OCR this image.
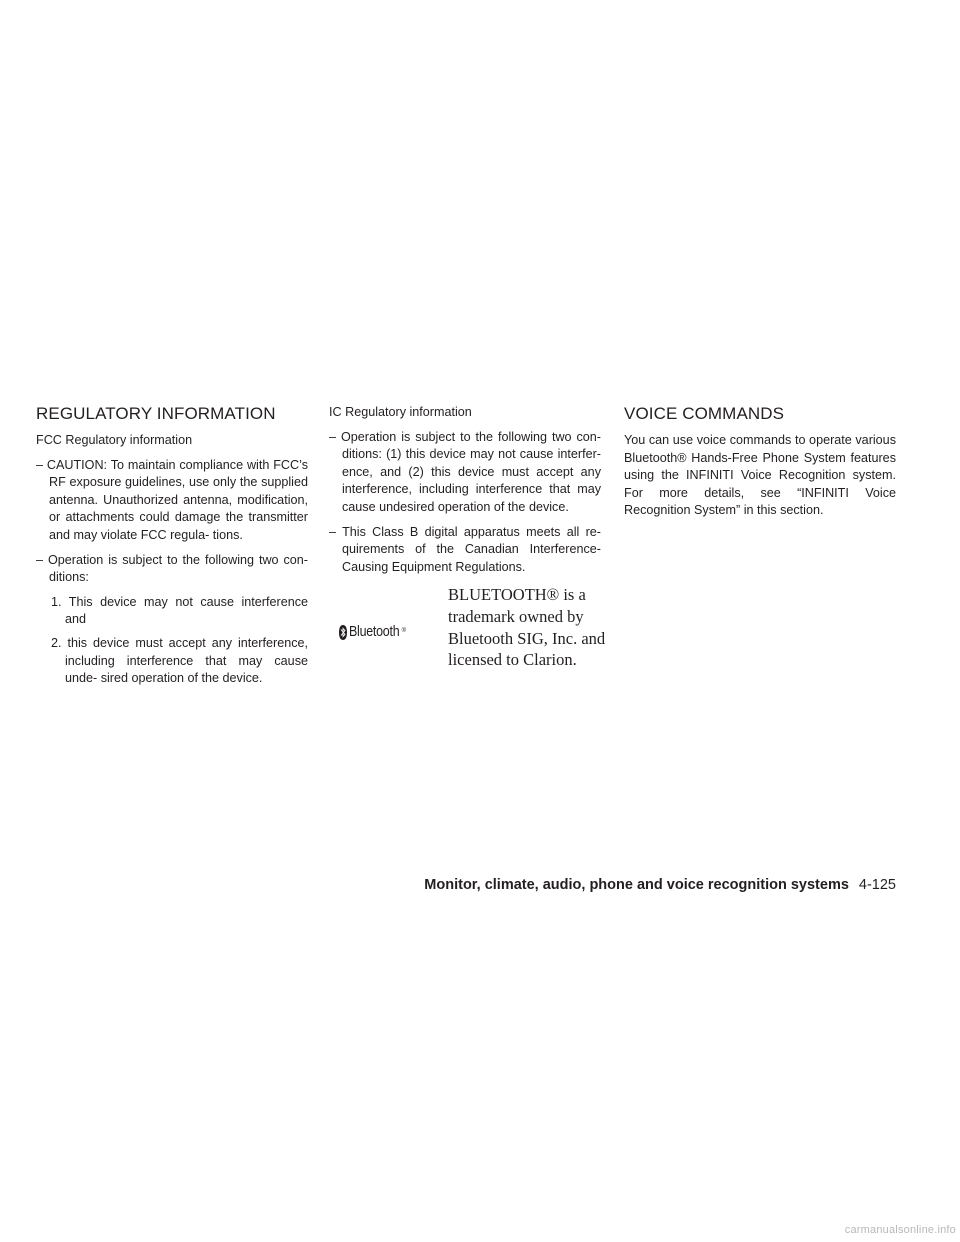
REGULATORY INFORMATION
FCC Regulatory information
– CAUTION: To maintain compliance with FCC’s RF exposure guidelines, use only the supplied antenna. Unauthorized antenna, modification, or attachments could damage the transmitter and may violate FCC regula- tions.
– Operation is subject to the following two con- ditions:
1. This device may not cause interference and
2. this device must accept any interference, including interference that may cause unde- sired operation of the device.
IC Regulatory information
– Operation is subject to the following two con- ditions: (1) this device may not cause interfer- ence, and (2) this device must accept any interference, including interference that may cause undesired operation of the device.
– This Class B digital apparatus meets all re- quirements of the Canadian Interference- Causing Equipment Regulations.
Bluetooth ®
BLUETOOTH® is a trademark owned by Bluetooth SIG, Inc. and licensed to Clarion.
VOICE COMMANDS

You can use voice commands to operate various Bluetooth® Hands-Free Phone System features using the INFINITI Voice Recognition system. For more details, see “INFINITI Voice Recognition System” in this section.

Monitor, climate, audio, phone and voice recognition systems 4-125
carmanualsonline.info
